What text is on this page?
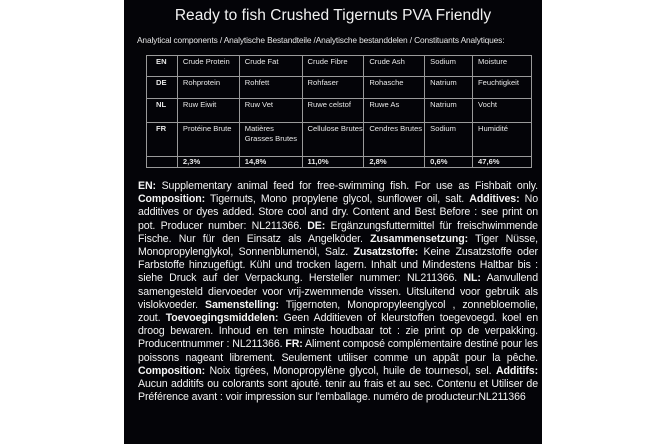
Ready to fish Crushed Tigernuts PVA Friendly
Analytical components / Analytische Bestandteile /Analytische bestanddelen / Constituants Analytiques:
EN	Crude Protein	Crude Fat	Crude Fibre	Crude Ash	Sodium	Moisture
DE	Rohprotein	Rohfett	Rohfaser	Rohasche	Natrium	Feuchtigkeit
NL	Ruw Eiwit	Ruw Vet	Ruwe celstof	Ruwe As	Natrium	Vocht
FR	Protéine Brute	Matières Grasses Brutes	Cellulose Brutes	Cendres Brutes	Sodium	Humidité
	2,3%	14,8%	11,0%	2,8%	0,6%	47,6%
EN: Supplementary animal feed for free-swimming fish. For use as Fishbait only. Composition: Tigernuts, Mono propylene glycol, sunflower oil, salt. Additives: No additives or dyes added. Store cool and dry. Content and Best Before : see print on pot. Producer number: NL211366. DE: Ergänzungsfuttermittel für freischwimmende Fische. Nur für den Einsatz als Angelköder. Zusammensetzung: Tiger Nüsse, Monopropylenglykol, Sonnenblumenöl, Salz. Zusatzstoffe: Keine Zusatzstoffe oder Farbstoffe hinzugefügt. Kühl und trocken lagern. Inhalt und Mindestens Haltbar bis : siehe Druck auf der Verpackung. Hersteller nummer: NL211366. NL: Aanvullend samengesteld diervoeder voor vrij-zwemmende vissen. Uitsluitend voor gebruik als vislokvoeder. Samenstelling: Tijgernoten, Monopropyleenglycol , zonnebloemolie, zout. Toevoegingsmiddelen: Geen Additieven of kleurstoffen toegevoegd. koel en droog bewaren. Inhoud en ten minste houdbaar tot : zie print op de verpakking. Producentnummer : NL211366. FR: Aliment composé complémentaire destiné pour les poissons nageant librement. Seulement utiliser comme un appât pour la pêche. Composition: Noix tigrées, Monopropylène glycol, huile de tournesol, sel. Additifs: Aucun additifs ou colorants sont ajouté. tenir au frais et au sec. Contenu et Utiliser de Préférence avant : voir impression sur l'emballage. numéro de producteur:NL211366
